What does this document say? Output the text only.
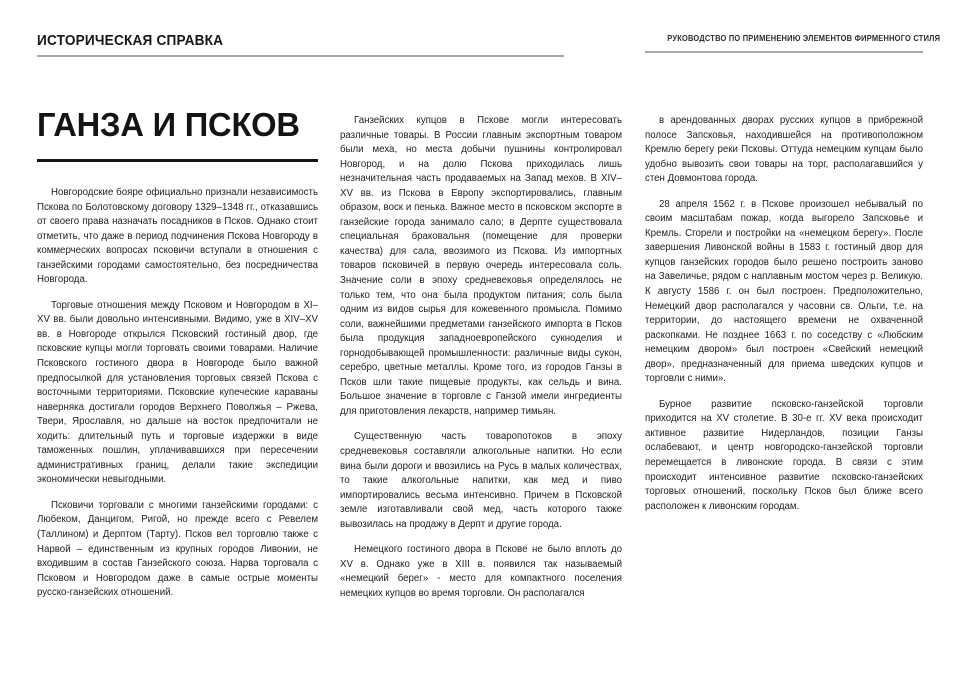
ИСТОРИЧЕСКАЯ СПРАВКА	РУКОВОДСТВО ПО ПРИМЕНЕНИЮ ЭЛЕМЕНТОВ ФИРМЕННОГО СТИЛЯ
ГАНЗА И ПСКОВ

Новгородские бояре официально признали независимость Пскова по Болотовскому договору 1329–1348 гг., отказавшись от своего права назначать посадников в Псков. Однако стоит отметить, что даже в период подчинения Пскова Новгороду в коммерческих вопросах псковичи вступали в отношения с ганзейскими городами самостоятельно, без посредничества Новгорода.

Торговые отношения между Псковом и Новгородом в XI–XV вв. были довольно интенсивными. Видимо, уже в XIV–XV вв. в Новгороде открылся Псковский гостиный двор, где псковские купцы могли торговать своими товарами. Наличие Псковского гостиного двора в Новгороде было важной предпосылкой для установления торговых связей Пскова с восточными территориями. Псковские купеческие караваны наверняка достигали городов Верхнего Поволжья – Ржева, Твери, Ярославля, но дальше на восток предпочитали не ходить: длительный путь и торговые издержки в виде таможенных пошлин, уплачивавшихся при пересечении административных границ, делали такие экспедиции экономически невыгодными.

Псковичи торговали с многими ганзейскими городами: с Любеком, Данцигом, Ригой, но прежде всего с Ревелем (Таллином) и Дерптом (Тарту). Псков вел торговлю также с Нарвой – единственным из крупных городов Ливонии, не входившим в состав Ганзейского союза. Нарва торговала с Псковом и Новгородом даже в самые острые моменты русско-ганзейских отношений.

Ганзейских купцов в Пскове могли интересовать различные товары. В России главным экспортным товаром были меха, но места добычи пушнины контролировал Новгород, и на долю Пскова приходилась лишь незначительная часть продаваемых на Запад мехов. В XIV–XV вв. из Пскова в Европу экспортировались, главным образом, воск и пенька. Важное место в псковском экспорте в ганзейские города занимало сало; в Дерпте существовала специальная браковальня (помещение для проверки качества) для сала, ввозимого из Пскова. Из импортных товаров псковичей в первую очередь интересовала соль. Значение соли в эпоху средневековья определялось не только тем, что она была продуктом питания; соль была одним из видов сырья для кожевенного промысла. Помимо соли, важнейшими предметами ганзейского импорта в Псков была продукция западноевропейского сукноделия и горнодобывающей промышленности: различные виды сукон, серебро, цветные металлы. Кроме того, из городов Ганзы в Псков шли такие пищевые продукты, как сельдь и вина. Большое значение в торговле с Ганзой имели ингредиенты для приготовления лекарств, например тимьян.

Существенную часть товаропотоков в эпоху средневековья составляли алкогольные напитки. Но если вина были дороги и ввозились на Русь в малых количествах, то такие алкогольные напитки, как мед и пиво импортировались весьма интенсивно. Причем в Псковской земле изготавливали свой мед, часть которого также вывозилась на продажу в Дерпт и другие города.

Немецкого гостиного двора в Пскове не было вплоть до XV в. Однако уже в XIII в. появился так называемый «немецкий берег» - место для компактного поселения немецких купцов во время торговли. Он располагался

в арендованных дворах русских купцов в прибрежной полосе Запсковья, находившейся на противоположном Кремлю берегу реки Псковы. Оттуда немецким купцам было удобно вывозить свои товары на торг, располагавшийся у стен Довмонтова города.

28 апреля 1562 г. в Пскове произошел небывалый по своим масштабам пожар, когда выгорело Запсковье и Кремль. Сгорели и постройки на «немецком берегу». После завершения Ливонской войны в 1583 г. гостиный двор для купцов ганзейских городов было решено построить заново на Завеличье, рядом с наплавным мостом через р. Великую. К августу 1586 г. он был построен. Предположительно, Немецкий двор располагался у часовни св. Ольги, т.е. на территории, до настоящего времени не охваченной раскопками. Не позднее 1663 г. по соседству с «Любским немецким двором» был построен «Свейский немецкий двор», предназначенный для приема шведских купцов и торговли с ними».

Бурное развитие псковско-ганзейской торговли приходится на XV столетие. В 30-е гг. XV века происходит активное развитие Нидерландов, позиции Ганзы ослабевают, и центр новгородско-ганзейской торговли перемещается в ливонские города. В связи с этим происходит интенсивное развитие псковско-ганзейских торговых отношений, поскольку Псков был ближе всего расположен к ливонским городам.
